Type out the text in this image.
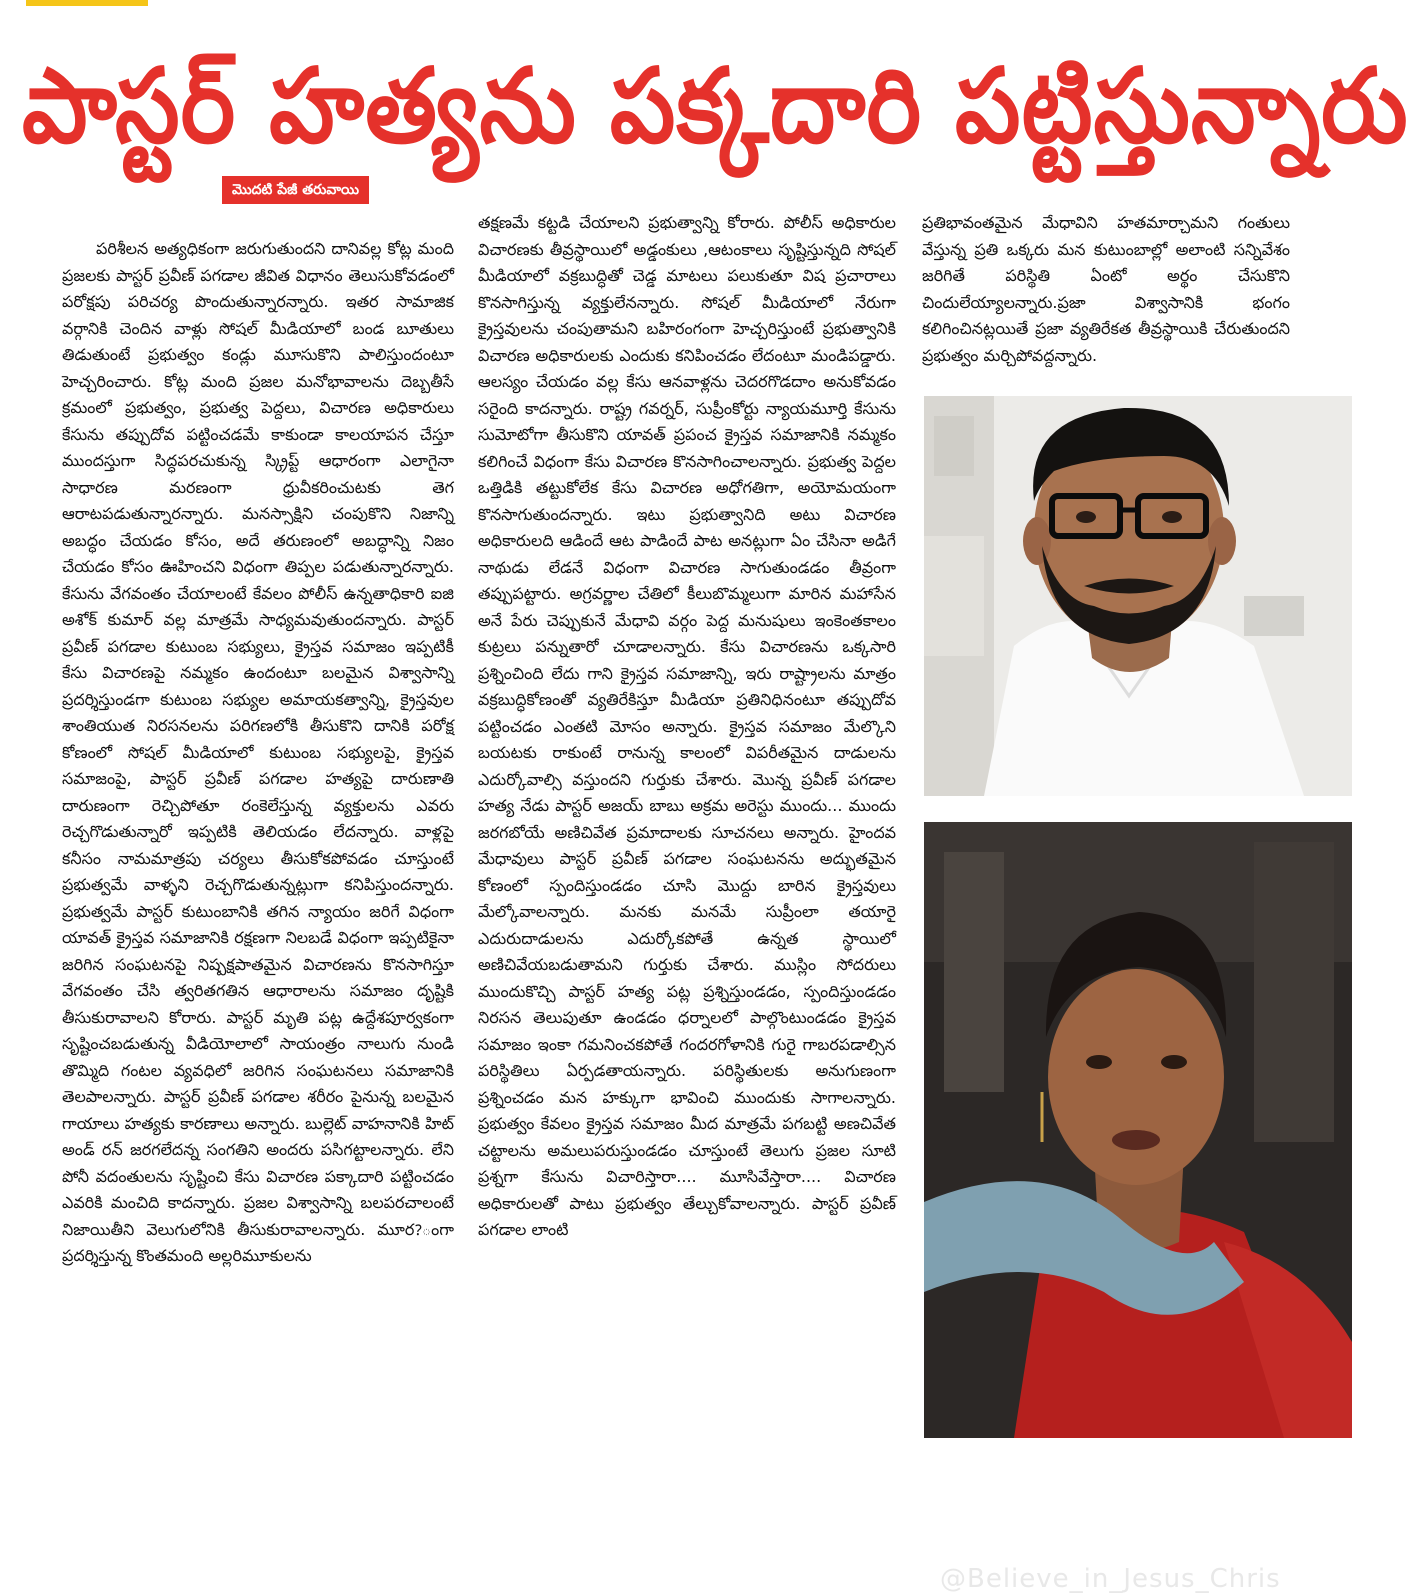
పాస్టర్ హత్యను పక్కదారి పట్టిస్తున్నారు
మొదటి పేజీ తరువాయి

పరిశీలన అత్యధికంగా జరుగుతుందని దానివల్ల కోట్ల మంది ప్రజలకు పాస్టర్ ప్రవీణ్ పగడాల జీవిత విధానం తెలుసుకోవడంలో పరోక్షపు పరిచర్య పొందుతున్నారన్నారు. ఇతర సామాజిక వర్గానికి చెందిన వాళ్లు సోషల్ మీడియాలో బండ బూతులు తిడుతుంటే ప్రభుత్వం కండ్లు మూసుకొని పాలిస్తుందంటూ హెచ్చరించారు. కోట్ల మంది ప్రజల మనోభావాలను దెబ్బతీసే క్రమంలో ప్రభుత్వం, ప్రభుత్వ పెద్దలు, విచారణ అధికారులు కేసును తప్పుదోవ పట్టించడమే కాకుండా కాలయాపన చేస్తూ ముందస్తుగా సిద్ధపరచుకున్న స్క్రిప్ట్ ఆధారంగా ఎలాగైనా సాధారణ మరణంగా ధ్రువీకరించుటకు తెగ ఆరాటపడుతున్నారన్నారు. మనస్సాక్షిని చంపుకొని నిజాన్ని అబద్ధం చేయడం కోసం, అదే తరుణంలో అబద్ధాన్ని నిజం చేయడం కోసం ఊహించని విధంగా తిప్పల పడుతున్నారన్నారు. కేసును వేగవంతం చేయాలంటే కేవలం పోలీస్ ఉన్నతాధికారి ఐజి అశోక్ కుమార్ వల్ల మాత్రమే సాధ్యమవుతుందన్నారు. పాస్టర్ ప్రవీణ్ పగడాల కుటుంబ సభ్యులు, క్రైస్తవ సమాజం ఇప్పటికీ కేసు విచారణపై నమ్మకం ఉందంటూ బలమైన విశ్వాసాన్ని ప్రదర్శిస్తుండగా కుటుంబ సభ్యుల అమాయకత్వాన్ని, క్రైస్తవుల శాంతియుత నిరసనలను పరిగణలోకి తీసుకొని దానికి పరోక్ష కోణంలో సోషల్ మీడియాలో కుటుంబ సభ్యులపై, క్రైస్తవ సమాజంపై, పాస్టర్ ప్రవీణ్ పగడాల హత్యపై దారుణాతి దారుణంగా రెచ్చిపోతూ రంకెలేస్తున్న వ్యక్తులను ఎవరు రెచ్చగొడుతున్నారో ఇప్పటికి తెలియడం లేదన్నారు. వాళ్లపై కనీసం నామమాత్రపు చర్యలు తీసుకోకపోవడం చూస్తుంటే ప్రభుత్వమే వాళ్ళని రెచ్చగొడుతున్నట్లుగా కనిపిస్తుందన్నారు. ప్రభుత్వమే పాస్టర్ కుటుంబానికి తగిన న్యాయం జరిగే విధంగా యావత్ క్రైస్తవ సమాజానికి రక్షణగా నిలబడే విధంగా ఇప్పటికైనా జరిగిన సంఘటనపై నిష్పక్షపాతమైన విచారణను కొనసాగిస్తూ వేగవంతం చేసి త్వరితగతిన ఆధారాలను సమాజం దృష్టికి తీసుకురావాలని కోరారు. పాస్టర్ మృతి పట్ల ఉద్దేశపూర్వకంగా సృష్టించబడుతున్న వీడియోలాలో సాయంత్రం నాలుగు నుండి తొమ్మిది గంటల వ్యవధిలో జరిగిన సంఘటనలు సమాజానికి తెలపాలన్నారు. పాస్టర్ ప్రవీణ్ పగడాల శరీరం పైనున్న బలమైన గాయాలు హత్యకు కారణాలు అన్నారు. బుల్లెట్ వాహనానికి హిట్ అండ్ రన్ జరగలేదన్న సంగతిని అందరు పసిగట్టాలన్నారు. లేని పోనీ వదంతులను సృష్టించి కేసు విచారణ పక్కాదారి పట్టించడం ఎవరికి మంచిది కాదన్నారు. ప్రజల విశ్వాసాన్ని బలపరచాలంటే నిజాయితీని వెలుగులోనికి తీసుకురావాలన్నారు. మూర?ంగా ప్రదర్శిస్తున్న కొంతమంది అల్లరిమూకులను

తక్షణమే కట్టడి చేయాలని ప్రభుత్వాన్ని కోరారు. పోలీస్ అధికారుల విచారణకు తీవ్రస్థాయిలో అడ్డంకులు ,ఆటంకాలు సృష్టిస్తున్నది సోషల్ మీడియాలో వక్రబుద్ధితో చెడ్డ మాటలు పలుకుతూ విష ప్రచారాలు కొనసాగిస్తున్న వ్యక్తులేనన్నారు. సోషల్ మీడియాలో నేరుగా క్రైస్తవులను చంపుతామని బహిరంగంగా హెచ్చరిస్తుంటే ప్రభుత్వానికి విచారణ అధికారులకు ఎందుకు కనిపించడం లేదంటూ మండిపడ్డారు. ఆలస్యం చేయడం వల్ల కేసు ఆనవాళ్లను చెదరగొడదాం అనుకోవడం సరైంది కాదన్నారు. రాష్ట్ర గవర్నర్, సుప్రీంకోర్టు న్యాయమూర్తి కేసును సుమోటోగా తీసుకొని యావత్ ప్రపంచ క్రైస్తవ సమాజానికి నమ్మకం కలిగించే విధంగా కేసు విచారణ కొనసాగించాలన్నారు. ప్రభుత్వ పెద్దల ఒత్తిడికి తట్టుకోలేక కేసు విచారణ అధోగతిగా, అయోమయంగా కొనసాగుతుందన్నారు. ఇటు ప్రభుత్వానిది అటు విచారణ అధికారులది ఆడిందే ఆట పాడిందే పాట అనట్లుగా ఏం చేసినా అడిగే నాథుడు లేడనే విధంగా విచారణ సాగుతుండడం తీవ్రంగా తప్పుపట్టారు. అగ్రవర్ణాల చేతిలో కీలుబొమ్మలుగా మారిన మహాసేన అనే పేరు చెప్పుకునే మేధావి వర్గం పెద్ద మనుషులు ఇంకెంతకాలం కుట్రలు పన్నుతారో చూడాలన్నారు. కేసు విచారణను ఒక్కసారి ప్రశ్నించింది లేదు గాని క్రైస్తవ సమాజాన్ని, ఇరు రాష్ట్రాలను మాత్రం వక్రబుద్ధికోణంతో వ్యతిరేకిస్తూ మీడియా ప్రతినిధినంటూ తప్పుదోవ పట్టించడం ఎంతటి మోసం అన్నారు. క్రైస్తవ సమాజం మేల్కొని బయటకు రాకుంటే రానున్న కాలంలో విపరీతమైన దాడులను ఎదుర్కోవాల్సి వస్తుందని గుర్తుకు చేశారు. మొన్న ప్రవీణ్ పగడాల హత్య నేడు పాస్టర్ అజయ్ బాబు అక్రమ అరెస్టు ముందు... ముందు జరగబోయే అణిచివేత ప్రమాదాలకు సూచనలు అన్నారు. హైందవ మేధావులు పాస్టర్ ప్రవీణ్ పగడాల సంఘటనను అద్భుతమైన కోణంలో స్పందిస్తుండడం చూసి మొద్దు బారిన క్రైస్తవులు మేల్కోవాలన్నారు. మనకు మనమే సుప్రీంలా తయారై ఎదురుదాడులను ఎదుర్కోకపోతే ఉన్నత స్థాయిలో అణిచివేయబడుతామని గుర్తుకు చేశారు. ముస్లిం సోదరులు ముందుకొచ్చి పాస్టర్ హత్య పట్ల ప్రశ్నిస్తుండడం, స్పందిస్తుండడం నిరసన తెలుపుతూ ఉండడం ధర్నాలలో పాల్గొంటుండడం క్రైస్తవ సమాజం ఇంకా గమనించకపోతే గందరగోళానికి గురై గాబరపడాల్సిన పరిస్థితిలు ఏర్పడతాయన్నారు. పరిస్థితులకు అనుగుణంగా ప్రశ్నించడం మన హక్కుగా భావించి ముందుకు సాగాలన్నారు. ప్రభుత్వం కేవలం క్రైస్తవ సమాజం మీద మాత్రమే పగబట్టి అణచివేత చట్టాలను అమలుపరుస్తుండడం చూస్తుంటే తెలుగు ప్రజల సూటి ప్రశ్నగా కేసును విచారిస్తారా.... మూసివేస్తారా.... విచారణ అధికారులతో పాటు ప్రభుత్వం తేల్చుకోవాలన్నారు. పాస్టర్ ప్రవీణ్ పగడాల లాంటి

ప్రతిభావంతమైన మేధావిని హతమార్చామని గంతులు వేస్తున్న ప్రతి ఒక్కరు మన కుటుంబాల్లో అలాంటి సన్నివేశం జరిగితే పరిస్థితి ఏంటో అర్థం చేసుకొని చిందులేయ్యాలన్నారు.ప్రజా విశ్వాసానికి భంగం కలిగించినట్లయితే ప్రజా వ్యతిరేకత తీవ్రస్థాయికి చేరుతుందని ప్రభుత్వం మర్చిపోవద్దన్నారు.

@Believe_in_Jesus_Chris
